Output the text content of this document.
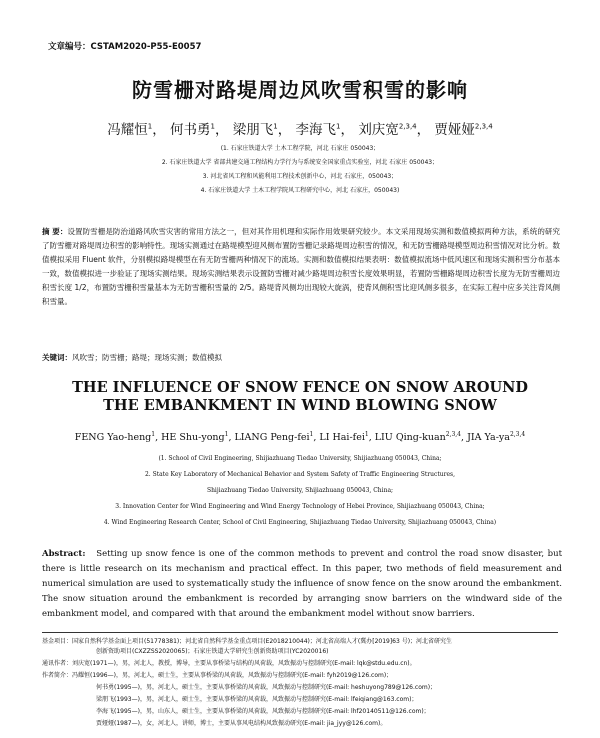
文章编号：CSTAM2020-P55-E0057
防雪栅对路堤周边风吹雪积雪的影响
冯耀恒$^1$， 何书勇$^1$， 梁朋飞$^1$， 李海飞$^1$， 刘庆宽$^{2,3,4}$， 贾娅娅$^{2,3,4}$
(1. 石家庄铁道大学 土木工程学院，河北 石家庄 050043；
2. 石家庄铁道大学 省部共建交通工程结构力学行为与系统安全国家重点实验室，河北 石家庄 050043；
3. 河北省风工程和风能利用工程技术创新中心，河北 石家庄，050043；
4. 石家庄铁道大学 土木工程学院风工程研究中心，河北 石家庄，050043)
摘 要：设置防雪栅是防治道路风吹雪灾害的常用方法之一，但对其作用机理和实际作用效果研究较少。本文采用现场实测和数值模拟两种方法，系统的研究了防雪栅对路堤周边积雪的影响特性。现场实测通过在路堤模型迎风侧布置防雪栅记录路堤周边积雪的情况，和无防雪栅路堤模型周边积雪情况对比分析。数值模拟采用 Fluent 软件，分别模拟路堤模型在有无防雪栅两种情况下的流场。实测和数值模拟结果表明：数值模拟流场中低风速区和现场实测积雪分布基本一致，数值模拟进一步验证了现场实测结果。现场实测结果表示设置防雪栅对减少路堤周边积雪长度效果明显，若置防雪栅路堤周边积雪长度为无防雪栅周边积雪长度 1/2，布置防雪栅积雪量基本为无防雪栅积雪量的 2/5。路堤背风侧均出现较大旋涡，使背风侧积雪比迎风侧多很多，在实际工程中应多关注背风侧积雪量。
关键词：风吹雪；防雪栅；路堤；现场实测；数值模拟
THE INFLUENCE OF SNOW FENCE ON SNOW AROUND
THE EMBANKMENT IN WIND BLOWING SNOW
FENG Yao-heng$^1$, HE Shu-yong$^1$, LIANG Peng-fei$^1$, LI Hai-fei$^1$, LIU Qing-kuan$^{2,3,4}$, JIA Ya-ya$^{2,3,4}$
(1. School of Civil Engineering, Shijiazhuang Tiedao University, Shijiazhuang 050043, China;
2. State Key Laboratory of Mechanical Behavior and System Safety of Traffic Engineering Structures,
Shijiazhuang Tiedao University, Shijiazhuang 050043, China;
3. Innovation Center for Wind Engineering and Wind Energy Technology of Hebei Province, Shijiazhuang 050043, China;
4. Wind Engineering Research Center, School of Civil Engineering, Shijiazhuang Tiedao University, Shijiazhuang 050043, China)
Abstract: Setting up snow fence is one of the common methods to prevent and control the road snow disaster, but there is little research on its mechanism and practical effect. In this paper, two methods of field measurement and numerical simulation are used to systematically study the influence of snow fence on the snow around the embankment. The snow situation around the embankment is recorded by arranging snow barriers on the windward side of the embankment model, and compared with that around the embankment model without snow barriers.
基金项目：国家自然科学基金面上项目(51778381)；河北省自然科学基金重点项目(E2018210044)；河北省高端人才(冀办[2019]63 号)；河北省研究生
创新资助项目(CXZZSS2020065)；石家庄铁道大学研究生创新资助项目(YC2020016)
通讯作者：刘庆宽(1971—)，男，河北人，教授，博导，主要从事桥梁与结构的风荷载，风致振动与控制研究(E-mail: lqk@stdu.edu.cn)。
作者简介：冯耀恒(1996—)，男，河北人，硕士生，主要从事桥梁的风荷载，风致振动与控制研究(E-mail: fyh2019@126.com)；
何书勇(1995—)，男，河北人，硕士生，主要从事桥梁的风荷载，风致振动与控制研究(E-mail: heshuyong789@126.com)；
梁朋飞(1993—)，男，河北人，硕士生，主要从事桥梁的风荷载，风致振动与控制研究(E-mail: lfeiqiang@163.com)；
李海飞(1995—)，男，山东人，硕士生，主要从事桥梁的风荷载，风致振动与控制研究(E-mail: lhf20140511@126.com)；
贾娅娅(1987—)，女，河北人，讲师，博士，主要从事风电结构风致振动研究(E-mail: jia_jyy@126.com)。
